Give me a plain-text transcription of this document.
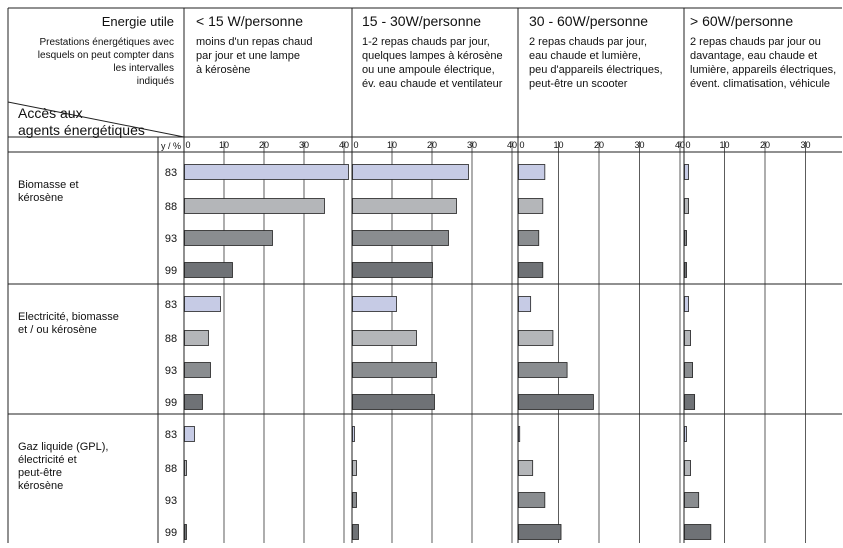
Energie utile
Prestations énergétiques avec
lesquels on peut compter dans
les intervalles
indiqués
Accès aux
agents énergétiques
y / %
< 15 W/personne
moins d'un repas chaud
par jour et une lampe
à kérosène
15 - 30W/personne
1-2 repas chauds par jour,
quelques lampes à kérosène
ou une ampoule électrique,
év. eau chaude et ventilateur
30 - 60W/personne
2 repas chauds par jour,
eau chaude et lumière,
peu d'appareils électriques,
peut-être un scooter
> 60W/personne
2 repas chauds par jour ou
davantage, eau chaude et
lumière, appareils électriques,
évent. climatisation, véhicule
0	10	20	30	40 0	10	20	30	40 0	10	20	30	40 0	10	20	30
Biomasse et
kérosène
83
88
93
99
Electricité, biomasse
et / ou kérosène
83
88
93
99
Gaz liquide (GPL),
électricité et
peut-être
kérosène
83
88
93
99
